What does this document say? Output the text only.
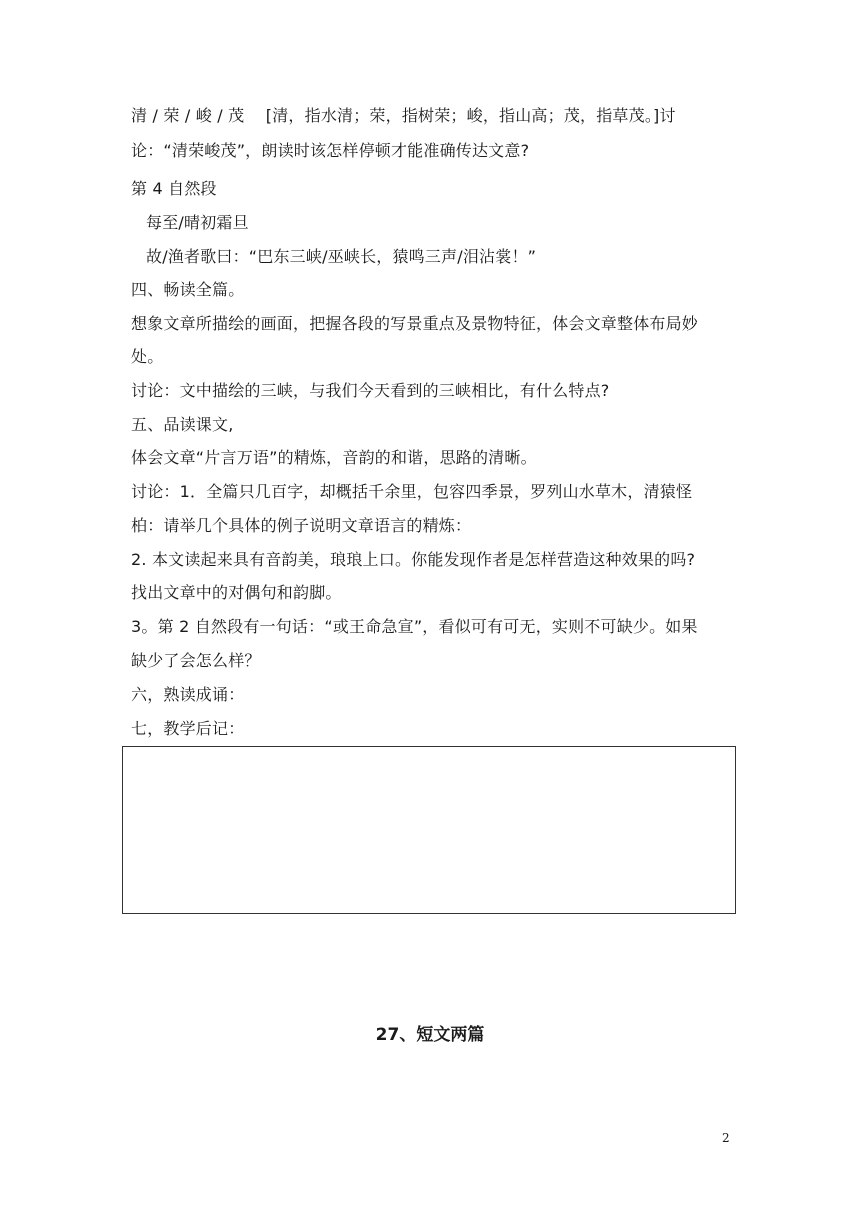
清 / 荣 / 峻 / 茂　 [清，指水清；荣，指树荣；峻，指山高；茂，指草茂。]讨
论：“清荣峻茂”，朗读时该怎样停顿才能准确传达文意?
第 4 自然段
每至/晴初霜旦
故/渔者歌曰：“巴东三峡/巫峡长，猿鸣三声/泪沾裳！”
四、畅读全篇。
想象文章所描绘的画面，把握各段的写景重点及景物特征，体会文章整体布局妙
处。
讨论：文中描绘的三峡，与我们今天看到的三峡相比，有什么特点?
五、品读课文,
体会文章“片言万语”的精炼，音韵的和谐，思路的清晰。
讨论：1．全篇只几百字，却概括千余里，包容四季景，罗列山水草木，清猿怪
柏：请举几个具体的例子说明文章语言的精炼：
2. 本文读起来具有音韵美，琅琅上口。你能发现作者是怎样营造这种效果的吗?
找出文章中的对偶句和韵脚。
3。第 2 自然段有一句话：“或王命急宣”，看似可有可无，实则不可缺少。如果
缺少了会怎么样？
六，熟读成诵：
七，教学后记：
27、短文两篇
2
